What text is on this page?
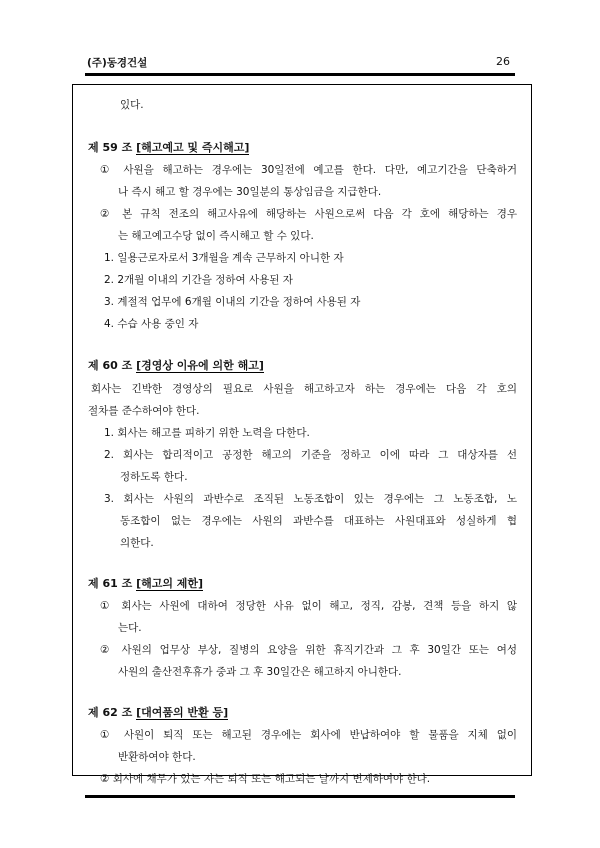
(주)동경건설	26
있다.
제 59 조 [해고예고 및 즉시해고]
① 사원을 해고하는 경우에는 30일전에 예고를 한다. 다만, 예고기간을 단축하거
나 즉시 해고 할 경우에는 30일분의 통상임금을 지급한다.
② 본 규칙 전조의 해고사유에 해당하는 사원으로써 다음 각 호에 해당하는 경우
는 해고예고수당 없이 즉시해고 할 수 있다.
1. 일용근로자로서 3개월을 계속 근무하지 아니한 자
2. 2개월 이내의 기간을 정하여 사용된 자
3. 계절적 업무에 6개월 이내의 기간을 정하여 사용된 자
4. 수습 사용 중인 자
제 60 조 [경영상 이유에 의한 해고]
회사는 긴박한 경영상의 필요로 사원을 해고하고자 하는 경우에는 다음 각 호의
절차를 준수하여야 한다.
1. 회사는 해고를 피하기 위한 노력을 다한다.
2. 회사는 합리적이고 공정한 해고의 기준을 정하고 이에 따라 그 대상자를 선
정하도록 한다.
3. 회사는 사원의 과반수로 조직된 노동조합이 있는 경우에는 그 노동조합, 노
동조합이 없는 경우에는 사원의 과반수를 대표하는 사원대표와 성실하게 협
의한다.
제 61 조 [해고의 제한]
① 회사는 사원에 대하여 정당한 사유 없이 해고, 정직, 감봉, 견책 등을 하지 않
는다.
② 사원의 업무상 부상, 질병의 요양을 위한 휴직기간과 그 후 30일간 또는 여성
사원의 출산전후휴가 중과 그 후 30일간은 해고하지 아니한다.
제 62 조 [대여품의 반환 등]
① 사원이 퇴직 또는 해고된 경우에는 회사에 반납하여야 할 물품을 지체 없이
반환하여야 한다.
② 회사에 채무가 있는 자는 퇴직 또는 해고되는 날까지 변제하여야 한다.
